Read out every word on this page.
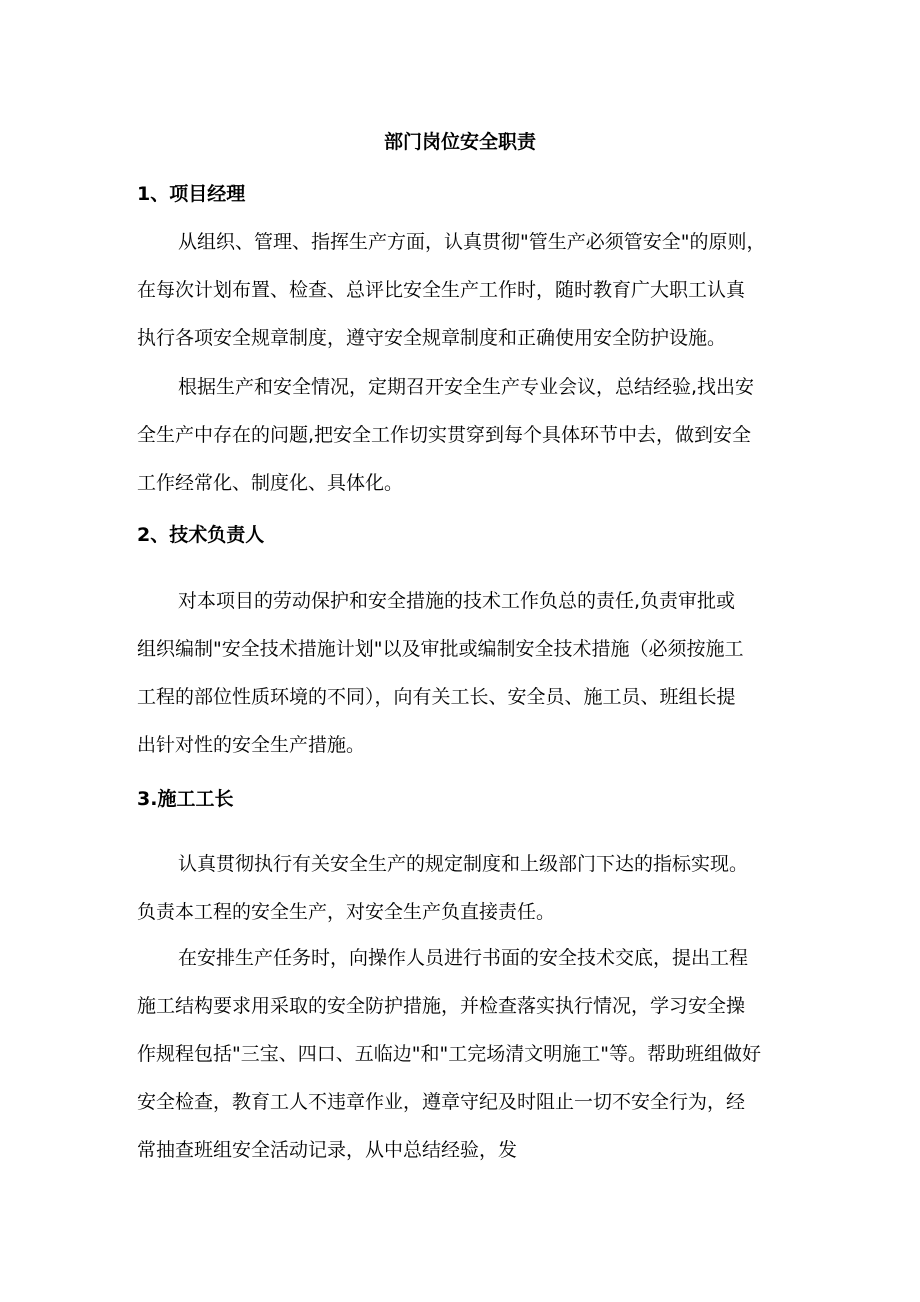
部门岗位安全职责
1、项目经理
从组织、管理、指挥生产方面，认真贯彻"管生产必须管安全"的原则，
在每次计划布置、检查、总评比安全生产工作时，随时教育广大职工认真
执行各项安全规章制度，遵守安全规章制度和正确使用安全防护设施。
根据生产和安全情况，定期召开安全生产专业会议，总结经验,找出安
全生产中存在的问题,把安全工作切实贯穿到每个具体环节中去，做到安全
工作经常化、制度化、具体化。
2、技术负责人
对本项目的劳动保护和安全措施的技术工作负总的责任,负责审批或
组织编制"安全技术措施计划"以及审批或编制安全技术措施（必须按施工
工程的部位性质环境的不同），向有关工长、安全员、施工员、班组长提
出针对性的安全生产措施。
3.施工工长
认真贯彻执行有关安全生产的规定制度和上级部门下达的指标实现。
负责本工程的安全生产，对安全生产负直接责任。
在安排生产任务时，向操作人员进行书面的安全技术交底，提出工程
施工结构要求用采取的安全防护措施，并检查落实执行情况，学习安全操
作规程包括"三宝、四口、五临边"和"工完场清文明施工"等。帮助班组做好
安全检查，教育工人不违章作业，遵章守纪及时阻止一切不安全行为，经
常抽查班组安全活动记录，从中总结经验，发
